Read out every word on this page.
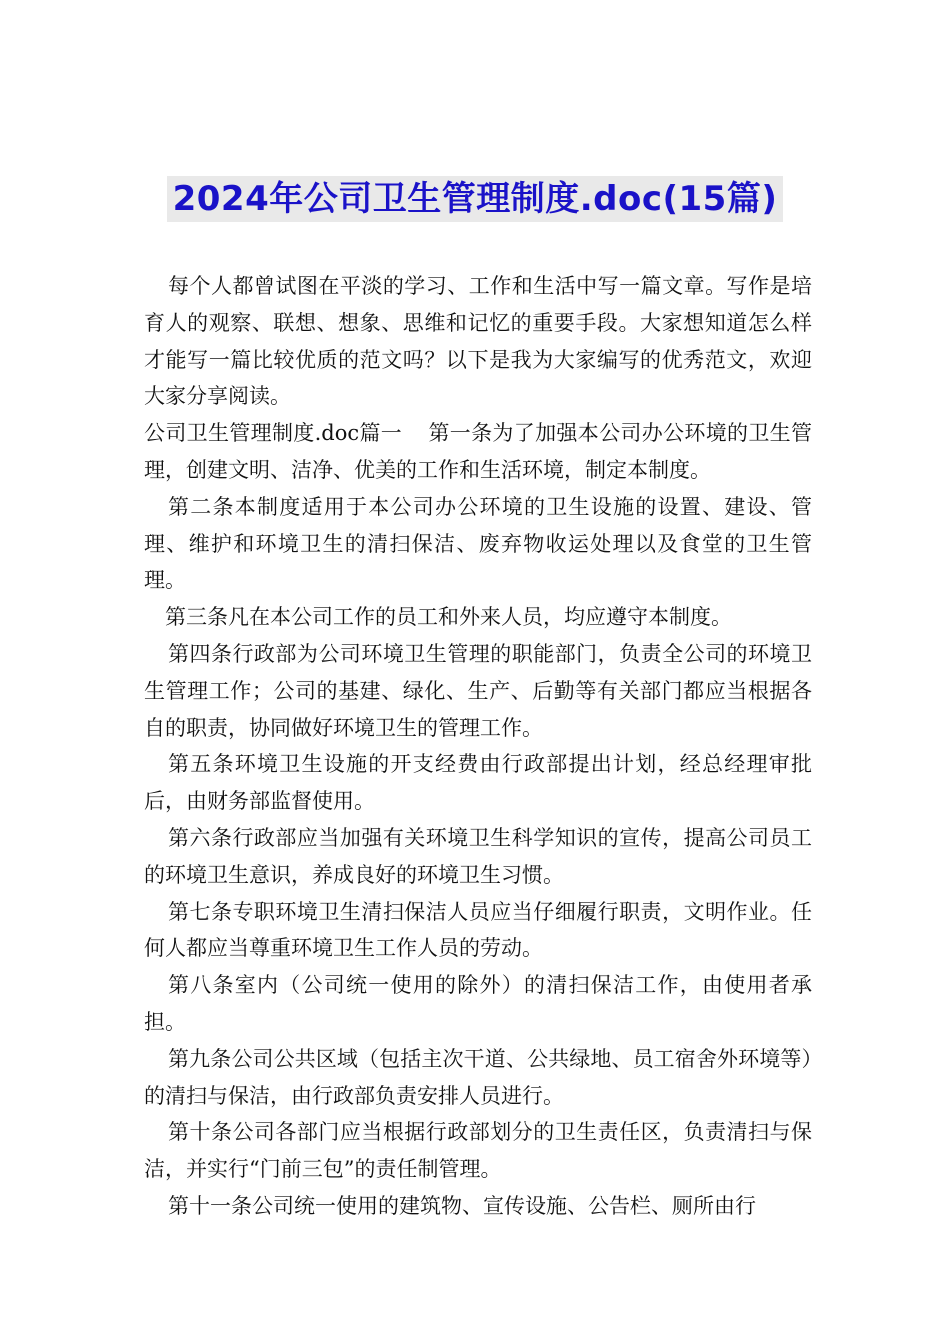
2024年公司卫生管理制度.doc(15篇)

每个人都曾试图在平淡的学习、工作和生活中写一篇文章。写作是培育人的观察、联想、想象、思维和记忆的重要手段。大家想知道怎么样才能写一篇比较优质的范文吗？以下是我为大家编写的优秀范文，欢迎大家分享阅读。

公司卫生管理制度.doc篇一 第一条为了加强本公司办公环境的卫生管理，创建文明、洁净、优美的工作和生活环境，制定本制度。

第二条本制度适用于本公司办公环境的卫生设施的设置、建设、管理、维护和环境卫生的清扫保洁、废弃物收运处理以及食堂的卫生管理。

第三条凡在本公司工作的员工和外来人员，均应遵守本制度。

第四条行政部为公司环境卫生管理的职能部门，负责全公司的环境卫生管理工作；公司的基建、绿化、生产、后勤等有关部门都应当根据各自的职责，协同做好环境卫生的管理工作。

第五条环境卫生设施的开支经费由行政部提出计划，经总经理审批后，由财务部监督使用。

第六条行政部应当加强有关环境卫生科学知识的宣传，提高公司员工的环境卫生意识，养成良好的环境卫生习惯。

第七条专职环境卫生清扫保洁人员应当仔细履行职责，文明作业。任何人都应当尊重环境卫生工作人员的劳动。

第八条室内（公司统一使用的除外）的清扫保洁工作，由使用者承担。

第九条公司公共区域（包括主次干道、公共绿地、员工宿舍外环境等）的清扫与保洁，由行政部负责安排人员进行。

第十条公司各部门应当根据行政部划分的卫生责任区，负责清扫与保洁，并实行“门前三包”的责任制管理。

第十一条公司统一使用的建筑物、宣传设施、公告栏、厕所由行
